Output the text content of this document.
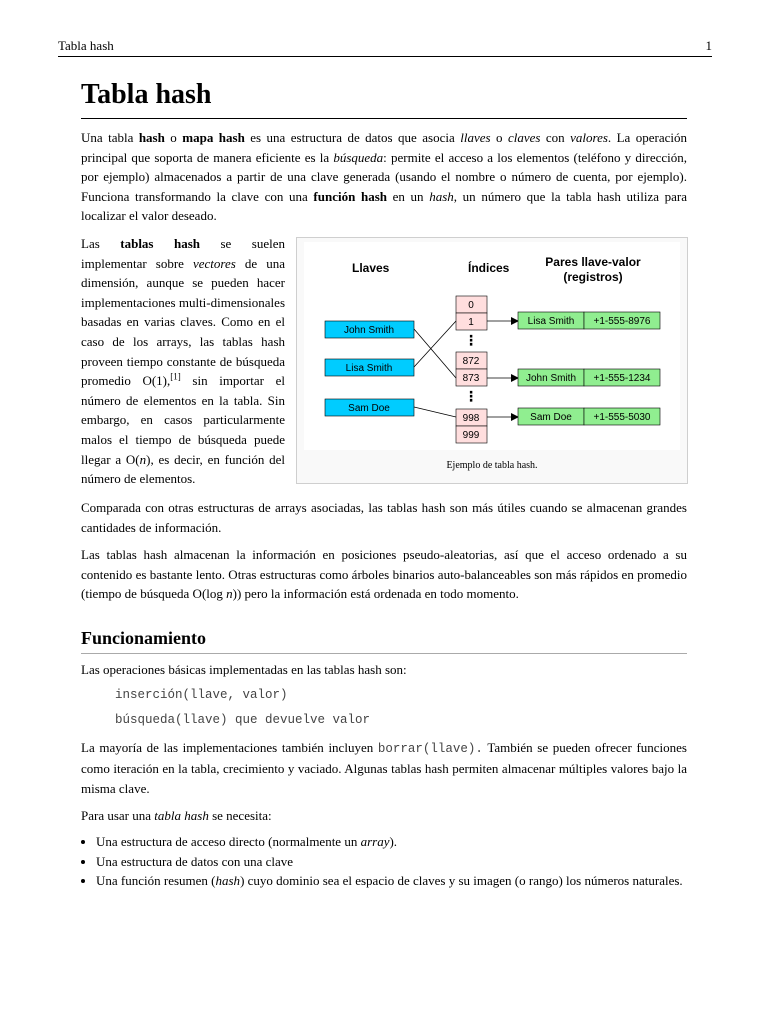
Tabla hash	1
Tabla hash

Una tabla hash o mapa hash es una estructura de datos que asocia llaves o claves con valores. La operación principal que soporta de manera eficiente es la búsqueda: permite el acceso a los elementos (teléfono y dirección, por ejemplo) almacenados a partir de una clave generada (usando el nombre o número de cuenta, por ejemplo). Funciona transformando la clave con una función hash en un hash, un número que la tabla hash utiliza para localizar el valor deseado.

Las tablas hash se suelen implementar sobre vectores de una dimensión, aunque se pueden hacer implementaciones multi-dimensionales basadas en varias claves. Como en el caso de los arrays, las tablas hash proveen tiempo constante de búsqueda promedio O(1),[1] sin importar el número de elementos en la tabla. Sin embargo, en casos particularmente malos el tiempo de búsqueda puede llegar a O(n), es decir, en función del número de elementos.

Llaves	Índices	Pares llave-valor
(registros)
John Smith
Lisa Smith
Sam Doe
0
1
⋮
872
873
⋮
998
999
Lisa Smith +1-555-8976
John Smith +1-555-1234
Sam Doe +1-555-5030
Ejemplo de tabla hash.

Comparada con otras estructuras de arrays asociadas, las tablas hash son más útiles cuando se almacenan grandes cantidades de información.

Las tablas hash almacenan la información en posiciones pseudo-aleatorias, así que el acceso ordenado a su contenido es bastante lento. Otras estructuras como árboles binarios auto-balanceables son más rápidos en promedio (tiempo de búsqueda O(log n)) pero la información está ordenada en todo momento.

Funcionamiento

Las operaciones básicas implementadas en las tablas hash son:

inserción(llave, valor)
búsqueda(llave) que devuelve valor

La mayoría de las implementaciones también incluyen borrar(llave). También se pueden ofrecer funciones como iteración en la tabla, crecimiento y vaciado. Algunas tablas hash permiten almacenar múltiples valores bajo la misma clave.

Para usar una tabla hash se necesita:

• Una estructura de acceso directo (normalmente un array).
• Una estructura de datos con una clave
• Una función resumen (hash) cuyo dominio sea el espacio de claves y su imagen (o rango) los números naturales.
